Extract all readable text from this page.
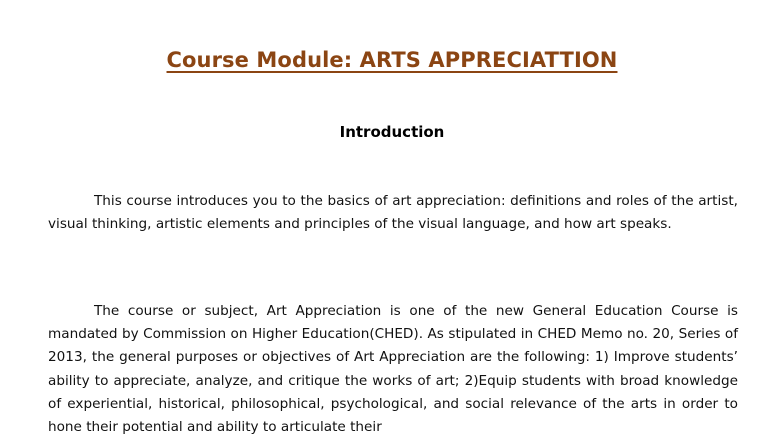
Course Module: ARTS APPRECIATTION
Introduction

This course introduces you to the basics of art appreciation: definitions and roles of the artist, visual thinking, artistic elements and principles of the visual language, and how art speaks.

The course or subject, Art Appreciation is one of the new General Education Course is mandated by Commission on Higher Education(CHED). As stipulated in CHED Memo no. 20, Series of 2013, the general purposes or objectives of Art Appreciation are the following: 1) Improve students’ ability to appreciate, analyze, and critique the works of art; 2)Equip students with broad knowledge of experiential, historical, philosophical, psychological, and social relevance of the arts in order to hone their potential and ability to articulate their
